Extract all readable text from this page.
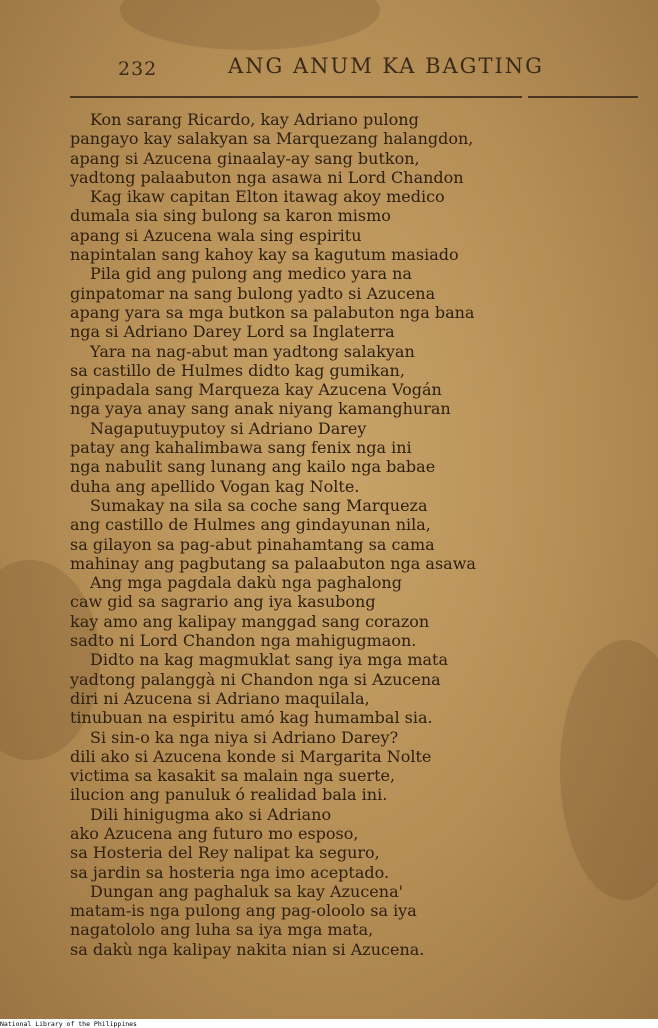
232	ANG ANUM KA BAGTING
Kon sarang Ricardo, kay Adriano pulong
pangayo kay salakyan sa Marquezang halangdon,
apang si Azucena ginaalay-ay sang butkon,
yadtong palaabuton nga asawa ni Lord Chandon
Kag ikaw capitan Elton itawag akoy medico
dumala sia sing bulong sa karon mismo
apang si Azucena wala sing espiritu
napintalan sang kahoy kay sa kagutum masiado
Pila gid ang pulong ang medico yara na
ginpatomar na sang bulong yadto si Azucena
apang yara sa mga butkon sa palabuton nga bana
nga si Adriano Darey Lord sa Inglaterra
Yara na nag-abut man yadtong salakyan
sa castillo de Hulmes didto kag gumikan,
ginpadala sang Marqueza kay Azucena Vogán
nga yaya anay sang anak niyang kamanghuran
Nagaputuyputoy si Adriano Darey
patay ang kahalimbawa sang fenix nga ini
nga nabulit sang lunang ang kailo nga babae
duha ang apellido Vogan kag Nolte.
Sumakay na sila sa coche sang Marqueza
ang castillo de Hulmes ang gindayunan nila,
sa gilayon sa pag-abut pinahamtang sa cama
mahinay ang pagbutang sa palaabuton nga asawa
Ang mga pagdala dakù nga paghalong
caw gid sa sagrario ang iya kasubong
kay amo ang kalipay manggad sang corazon
sadto ni Lord Chandon nga mahigugmaon.
Didto na kag magmuklat sang iya mga mata
yadtong palanggà ni Chandon nga si Azucena
diri ni Azucena si Adriano maquilala,
tinubuan na espiritu amó kag humambal sia.
Si sin-o ka nga niya si Adriano Darey?
dili ako si Azucena konde si Margarita Nolte
victima sa kasakit sa malain nga suerte,
ilucion ang panuluk ó realidad bala ini.
Dili hinigugma ako si Adriano
ako Azucena ang futuro mo esposo,
sa Hosteria del Rey nalipat ka seguro,
sa jardin sa hosteria nga imo aceptado.
Dungan ang paghaluk sa kay Azucena'
matam-is nga pulong ang pag-oloolo sa iya
nagatololo ang luha sa iya mga mata,
sa dakù nga kalipay nakita nian si Azucena.
National Library of the Philippines
